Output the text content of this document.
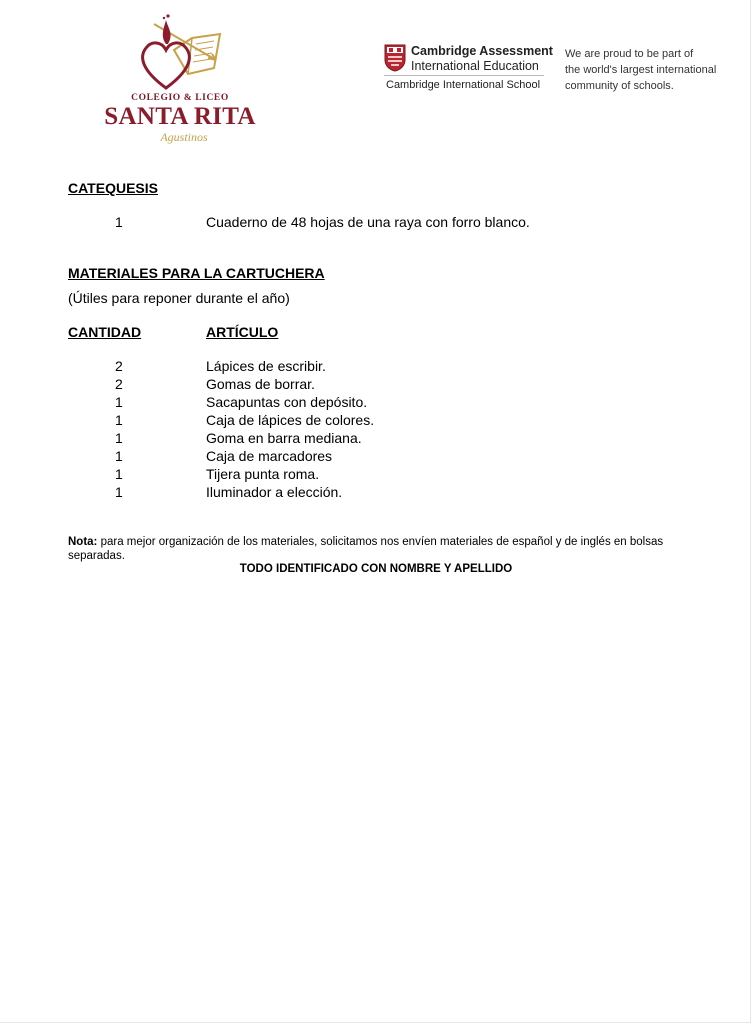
COLEGIO & LICEO
SANTA RITA
Agustinos
Cambridge Assessment
International Education
Cambridge International School
We are proud to be part of
the world's largest international
community of schools.
CATEQUESIS
1	Cuaderno de 48 hojas de una raya con forro blanco.
MATERIALES PARA LA CARTUCHERA
(Útiles para reponer durante el año)
CANTIDAD	ARTÍCULO
2	Lápices de escribir.
2	Gomas de borrar.
1	Sacapuntas con depósito.
1	Caja de lápices de colores.
1	Goma en barra mediana.
1	Caja de marcadores
1	Tijera punta roma.
1	Iluminador a elección.
Nota: para mejor organización de los materiales, solicitamos nos envíen materiales de español y de inglés en bolsas separadas.
TODO IDENTIFICADO CON NOMBRE Y APELLIDO
